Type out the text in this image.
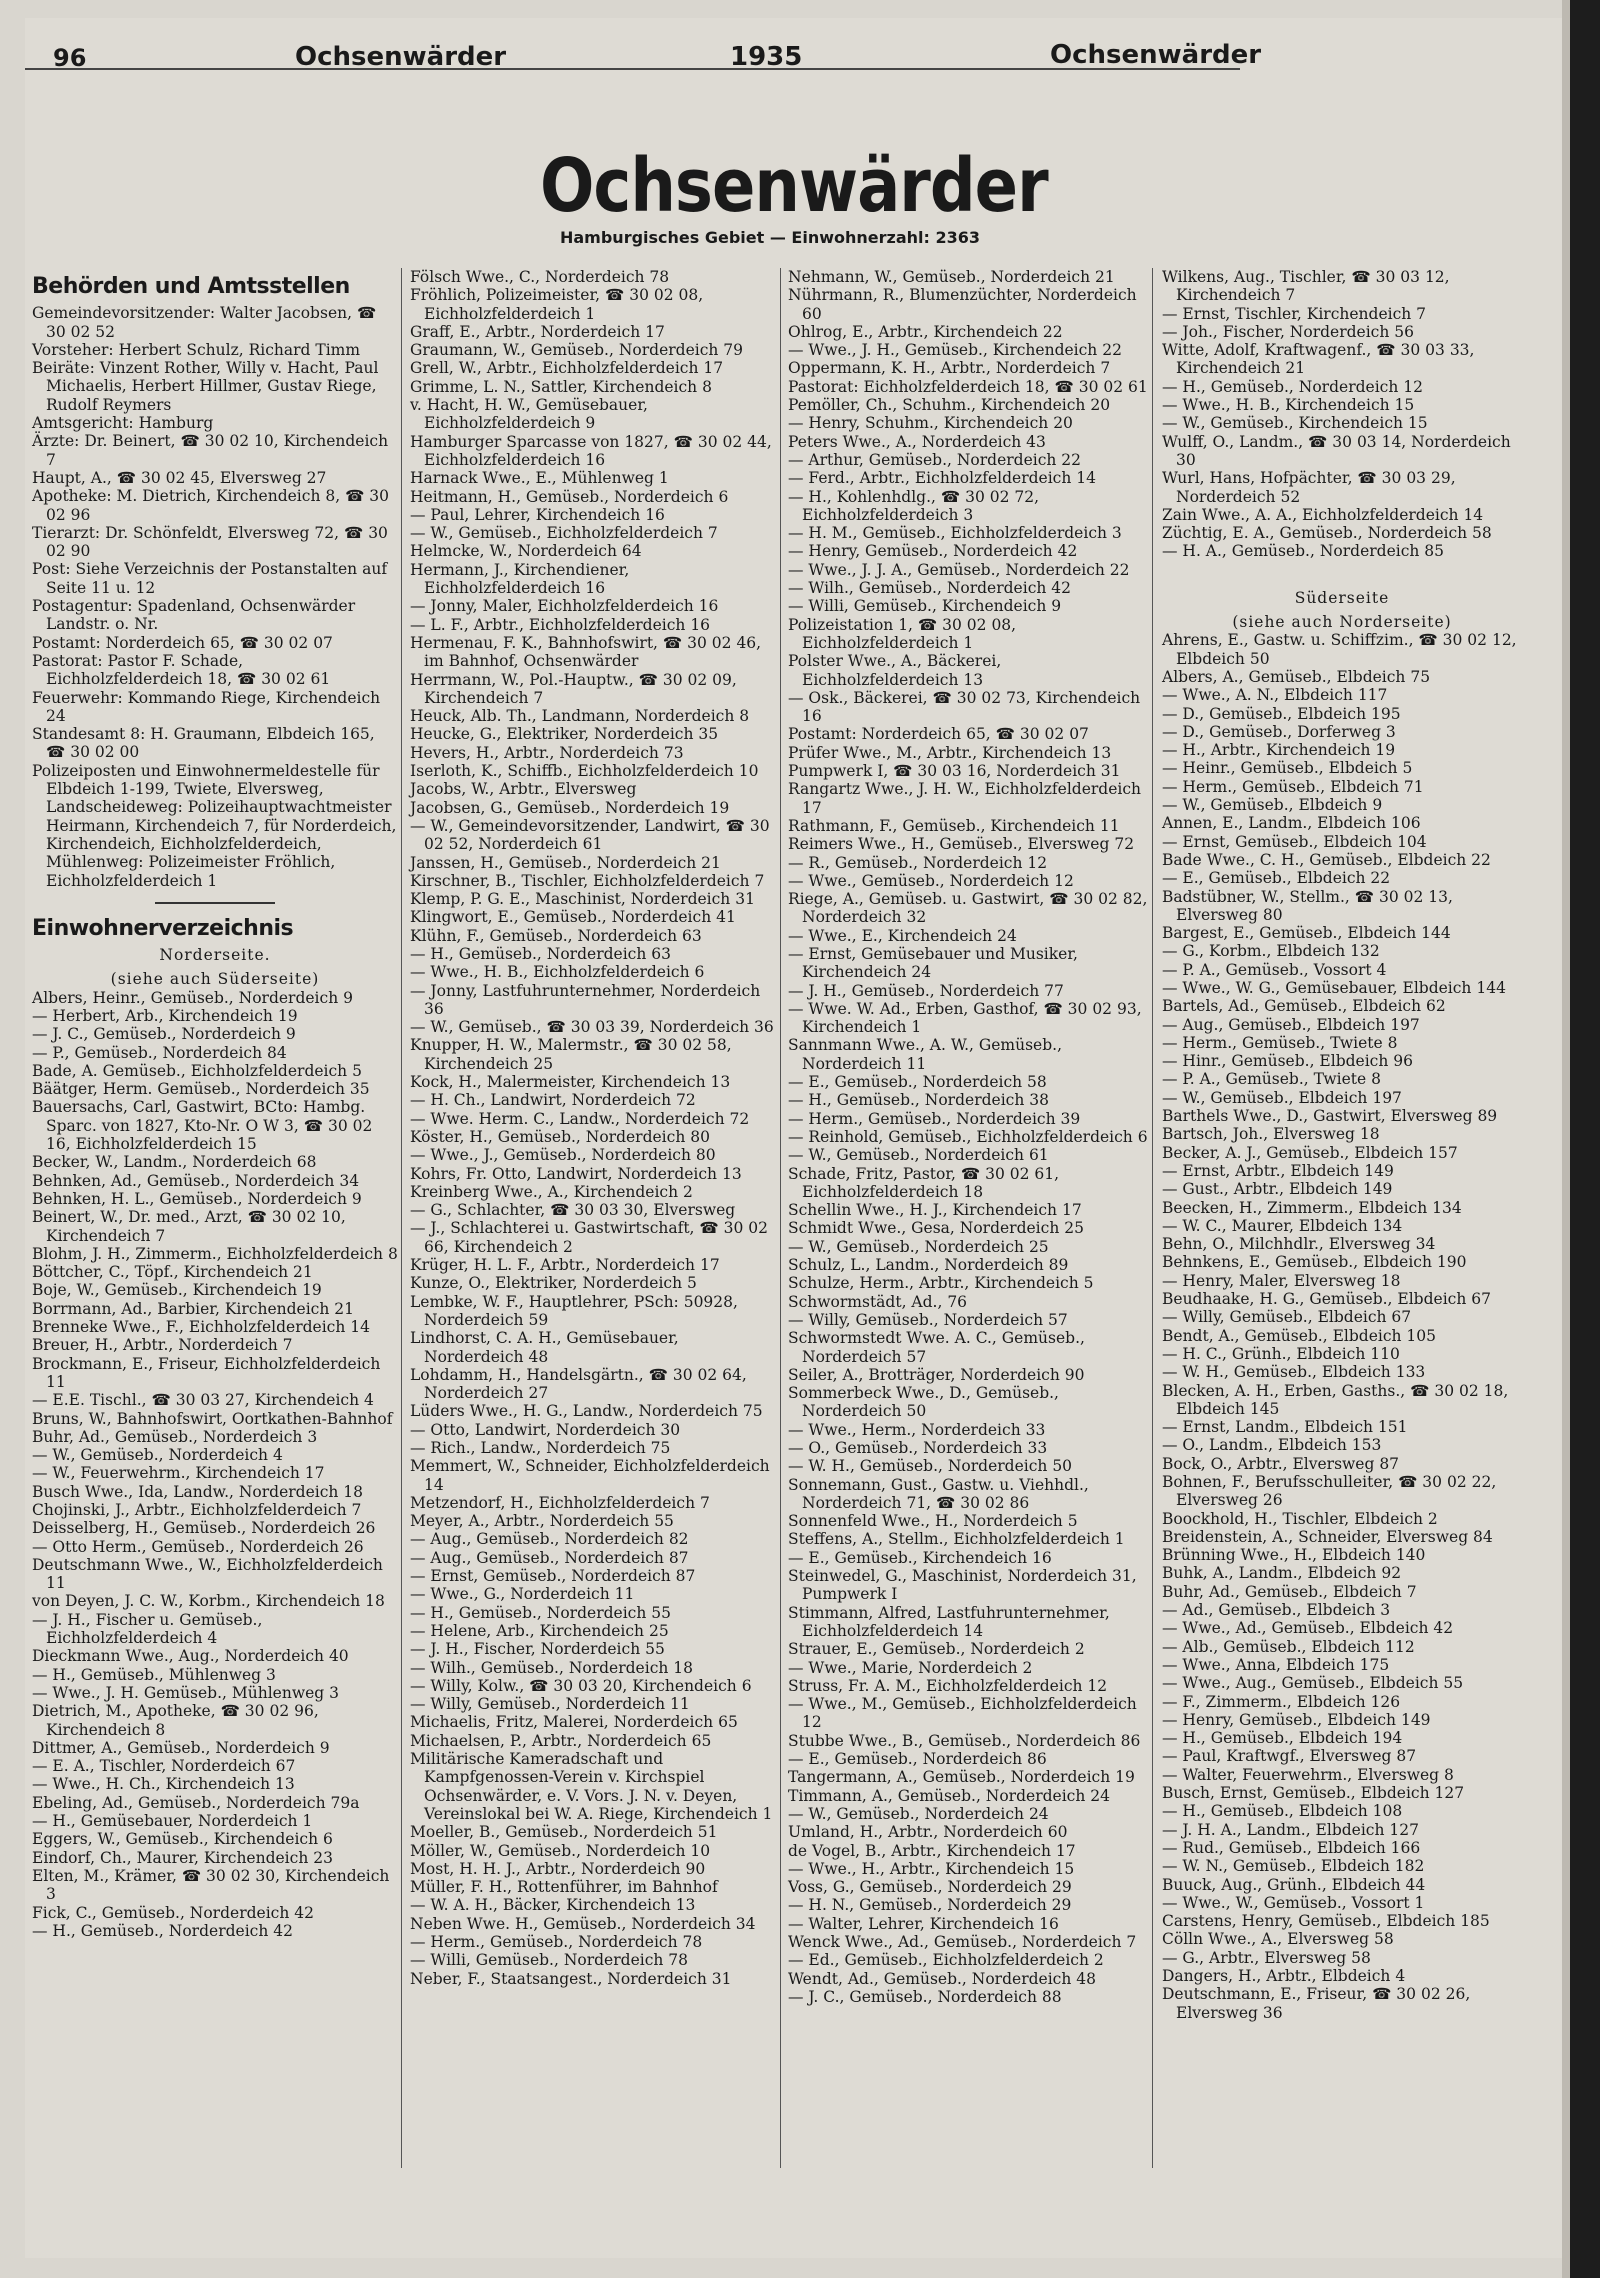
96	Ochsenwärder	1935	Ochsenwärder
Ochsenwärder
Hamburgisches Gebiet — Einwohnerzahl: 2363

Behörden und Amtsstellen

Gemeindevorsitzender: Walter Jacobsen, ☎ 30 02 52

Vorsteher: Herbert Schulz, Richard Timm

Beiräte: Vinzent Rother, Willy v. Hacht, Paul Michaelis, Herbert Hillmer, Gustav Riege, Rudolf Reymers

Amtsgericht: Hamburg

Ärzte: Dr. Beinert, ☎ 30 02 10, Kirchendeich 7

Haupt, A., ☎ 30 02 45, Elversweg 27

Apotheke: M. Dietrich, Kirchendeich 8, ☎ 30 02 96

Tierarzt: Dr. Schönfeldt, Elversweg 72, ☎ 30 02 90

Post: Siehe Verzeichnis der Postanstalten auf Seite 11 u. 12

Postagentur: Spadenland, Ochsenwärder Landstr. o. Nr.

Postamt: Norderdeich 65, ☎ 30 02 07

Pastorat: Pastor F. Schade, Eichholzfelderdeich 18, ☎ 30 02 61

Feuerwehr: Kommando Riege, Kirchendeich 24

Standesamt 8: H. Graumann, Elbdeich 165, ☎ 30 02 00

Polizeiposten und Einwohnermeldestelle für Elbdeich 1-199, Twiete, Elversweg, Landscheideweg: Polizeihauptwachtmeister Heirmann, Kirchendeich 7, für Norderdeich, Kirchendeich, Eichholzfelderdeich, Mühlenweg: Polizeimeister Fröhlich, Eichholzfelderdeich 1

Einwohnerverzeichnis

Norderseite.

(siehe auch Süderseite)

Albers, Heinr., Gemüseb., Norderdeich 9

— Herbert, Arb., Kirchendeich 19

— J. C., Gemüseb., Norderdeich 9

— P., Gemüseb., Norderdeich 84

Bade, A. Gemüseb., Eichholzfelderdeich 5

Bäätger, Herm. Gemüseb., Norderdeich 35

Bauersachs, Carl, Gastwirt, BCto: Hambg. Sparc. von 1827, Kto-Nr. O W 3, ☎ 30 02 16, Eichholzfelderdeich 15

Becker, W., Landm., Norderdeich 68

Behnken, Ad., Gemüseb., Norderdeich 34

Behnken, H. L., Gemüseb., Norderdeich 9

Beinert, W., Dr. med., Arzt, ☎ 30 02 10, Kirchendeich 7

Blohm, J. H., Zimmerm., Eichholzfelderdeich 8

Böttcher, C., Töpf., Kirchendeich 21

Boje, W., Gemüseb., Kirchendeich 19

Borrmann, Ad., Barbier, Kirchendeich 21

Brenneke Wwe., F., Eichholzfelderdeich 14

Breuer, H., Arbtr., Norderdeich 7

Brockmann, E., Friseur, Eichholzfelderdeich 11

— E.E. Tischl., ☎ 30 03 27, Kirchendeich 4

Bruns, W., Bahnhofswirt, Oortkathen-Bahnhof

Buhr, Ad., Gemüseb., Norderdeich 3

— W., Gemüseb., Norderdeich 4

— W., Feuerwehrm., Kirchendeich 17

Busch Wwe., Ida, Landw., Norderdeich 18

Chojinski, J., Arbtr., Eichholzfelderdeich 7

Deisselberg, H., Gemüseb., Norderdeich 26

— Otto Herm., Gemüseb., Norderdeich 26

Deutschmann Wwe., W., Eichholzfelderdeich 11

von Deyen, J. C. W., Korbm., Kirchendeich 18

— J. H., Fischer u. Gemüseb., Eichholzfelderdeich 4

Dieckmann Wwe., Aug., Norderdeich 40

— H., Gemüseb., Mühlenweg 3

— Wwe., J. H. Gemüseb., Mühlenweg 3

Dietrich, M., Apotheke, ☎ 30 02 96, Kirchendeich 8

Dittmer, A., Gemüseb., Norderdeich 9

— E. A., Tischler, Norderdeich 67

— Wwe., H. Ch., Kirchendeich 13

Ebeling, Ad., Gemüseb., Norderdeich 79a

— H., Gemüsebauer, Norderdeich 1

Eggers, W., Gemüseb., Kirchendeich 6

Eindorf, Ch., Maurer, Kirchendeich 23

Elten, M., Krämer, ☎ 30 02 30, Kirchendeich 3

Fick, C., Gemüseb., Norderdeich 42

— H., Gemüseb., Norderdeich 42

Fölsch Wwe., C., Norderdeich 78

Fröhlich, Polizeimeister, ☎ 30 02 08, Eichholzfelderdeich 1

Graff, E., Arbtr., Norderdeich 17

Graumann, W., Gemüseb., Norderdeich 79

Grell, W., Arbtr., Eichholzfelderdeich 17

Grimme, L. N., Sattler, Kirchendeich 8

v. Hacht, H. W., Gemüsebauer, Eichholzfelderdeich 9

Hamburger Sparcasse von 1827, ☎ 30 02 44, Eichholzfelderdeich 16

Harnack Wwe., E., Mühlenweg 1

Heitmann, H., Gemüseb., Norderdeich 6

— Paul, Lehrer, Kirchendeich 16

— W., Gemüseb., Eichholzfelderdeich 7

Helmcke, W., Norderdeich 64

Hermann, J., Kirchendiener, Eichholzfelderdeich 16

— Jonny, Maler, Eichholzfelderdeich 16

— L. F., Arbtr., Eichholzfelderdeich 16

Hermenau, F. K., Bahnhofswirt, ☎ 30 02 46, im Bahnhof, Ochsenwärder

Herrmann, W., Pol.-Hauptw., ☎ 30 02 09, Kirchendeich 7

Heuck, Alb. Th., Landmann, Norderdeich 8

Heucke, G., Elektriker, Norderdeich 35

Hevers, H., Arbtr., Norderdeich 73

Iserloth, K., Schiffb., Eichholzfelderdeich 10

Jacobs, W., Arbtr., Elversweg

Jacobsen, G., Gemüseb., Norderdeich 19

— W., Gemeindevorsitzender, Landwirt, ☎ 30 02 52, Norderdeich 61

Janssen, H., Gemüseb., Norderdeich 21

Kirschner, B., Tischler, Eichholzfelderdeich 7

Klemp, P. G. E., Maschinist, Norderdeich 31

Klingwort, E., Gemüseb., Norderdeich 41

Klühn, F., Gemüseb., Norderdeich 63

— H., Gemüseb., Norderdeich 63

— Wwe., H. B., Eichholzfelderdeich 6

— Jonny, Lastfuhrunternehmer, Norderdeich 36

— W., Gemüseb., ☎ 30 03 39, Norderdeich 36

Knupper, H. W., Malermstr., ☎ 30 02 58, Kirchendeich 25

Kock, H., Malermeister, Kirchendeich 13

— H. Ch., Landwirt, Norderdeich 72

— Wwe. Herm. C., Landw., Norderdeich 72

Köster, H., Gemüseb., Norderdeich 80

— Wwe., J., Gemüseb., Norderdeich 80

Kohrs, Fr. Otto, Landwirt, Norderdeich 13

Kreinberg Wwe., A., Kirchendeich 2

— G., Schlachter, ☎ 30 03 30, Elversweg

— J., Schlachterei u. Gastwirtschaft, ☎ 30 02 66, Kirchendeich 2

Krüger, H. L. F., Arbtr., Norderdeich 17

Kunze, O., Elektriker, Norderdeich 5

Lembke, W. F., Hauptlehrer, PSch: 50928, Norderdeich 59

Lindhorst, C. A. H., Gemüsebauer, Norderdeich 48

Lohdamm, H., Handelsgärtn., ☎ 30 02 64, Norderdeich 27

Lüders Wwe., H. G., Landw., Norderdeich 75

— Otto, Landwirt, Norderdeich 30

— Rich., Landw., Norderdeich 75

Memmert, W., Schneider, Eichholzfelderdeich 14

Metzendorf, H., Eichholzfelderdeich 7

Meyer, A., Arbtr., Norderdeich 55

— Aug., Gemüseb., Norderdeich 82

— Aug., Gemüseb., Norderdeich 87

— Ernst, Gemüseb., Norderdeich 87

— Wwe., G., Norderdeich 11

— H., Gemüseb., Norderdeich 55

— Helene, Arb., Kirchendeich 25

— J. H., Fischer, Norderdeich 55

— Wilh., Gemüseb., Norderdeich 18

— Willy, Kolw., ☎ 30 03 20, Kirchendeich 6

— Willy, Gemüseb., Norderdeich 11

Michaelis, Fritz, Malerei, Norderdeich 65

Michaelsen, P., Arbtr., Norderdeich 65

Militärische Kameradschaft und Kampfgenossen-Verein v. Kirchspiel Ochsenwärder, e. V. Vors. J. N. v. Deyen, Vereinslokal bei W. A. Riege, Kirchendeich 1

Moeller, B., Gemüseb., Norderdeich 51

Möller, W., Gemüseb., Norderdeich 10

Most, H. H. J., Arbtr., Norderdeich 90

Müller, F. H., Rottenführer, im Bahnhof

— W. A. H., Bäcker, Kirchendeich 13

Neben Wwe. H., Gemüseb., Norderdeich 34

— Herm., Gemüseb., Norderdeich 78

— Willi, Gemüseb., Norderdeich 78

Neber, F., Staatsangest., Norderdeich 31

Nehmann, W., Gemüseb., Norderdeich 21

Nührmann, R., Blumenzüchter, Norderdeich 60

Ohlrog, E., Arbtr., Kirchendeich 22

— Wwe., J. H., Gemüseb., Kirchendeich 22

Oppermann, K. H., Arbtr., Norderdeich 7

Pastorat: Eichholzfelderdeich 18, ☎ 30 02 61

Pemöller, Ch., Schuhm., Kirchendeich 20

— Henry, Schuhm., Kirchendeich 20

Peters Wwe., A., Norderdeich 43

— Arthur, Gemüseb., Norderdeich 22

— Ferd., Arbtr., Eichholzfelderdeich 14

— H., Kohlenhdlg., ☎ 30 02 72, Eichholzfelderdeich 3

— H. M., Gemüseb., Eichholzfelderdeich 3

— Henry, Gemüseb., Norderdeich 42

— Wwe., J. J. A., Gemüseb., Norderdeich 22

— Wilh., Gemüseb., Norderdeich 42

— Willi, Gemüseb., Kirchendeich 9

Polizeistation 1, ☎ 30 02 08, Eichholzfelderdeich 1

Polster Wwe., A., Bäckerei, Eichholzfelderdeich 13

— Osk., Bäckerei, ☎ 30 02 73, Kirchendeich 16

Postamt: Norderdeich 65, ☎ 30 02 07

Prüfer Wwe., M., Arbtr., Kirchendeich 13

Pumpwerk I, ☎ 30 03 16, Norderdeich 31

Rangartz Wwe., J. H. W., Eichholzfelderdeich 17

Rathmann, F., Gemüseb., Kirchendeich 11

Reimers Wwe., H., Gemüseb., Elversweg 72

— R., Gemüseb., Norderdeich 12

— Wwe., Gemüseb., Norderdeich 12

Riege, A., Gemüseb. u. Gastwirt, ☎ 30 02 82, Norderdeich 32

— Wwe., E., Kirchendeich 24

— Ernst, Gemüsebauer und Musiker, Kirchendeich 24

— J. H., Gemüseb., Norderdeich 77

— Wwe. W. Ad., Erben, Gasthof, ☎ 30 02 93, Kirchendeich 1

Sannmann Wwe., A. W., Gemüseb., Norderdeich 11

— E., Gemüseb., Norderdeich 58

— H., Gemüseb., Norderdeich 38

— Herm., Gemüseb., Norderdeich 39

— Reinhold, Gemüseb., Eichholzfelderdeich 6

— W., Gemüseb., Norderdeich 61

Schade, Fritz, Pastor, ☎ 30 02 61, Eichholzfelderdeich 18

Schellin Wwe., H. J., Kirchendeich 17

Schmidt Wwe., Gesa, Norderdeich 25

— W., Gemüseb., Norderdeich 25

Schulz, L., Landm., Norderdeich 89

Schulze, Herm., Arbtr., Kirchendeich 5

Schwormstädt, Ad., 76

— Willy, Gemüseb., Norderdeich 57

Schwormstedt Wwe. A. C., Gemüseb., Norderdeich 57

Seiler, A., Brotträger, Norderdeich 90

Sommerbeck Wwe., D., Gemüseb., Norderdeich 50

— Wwe., Herm., Norderdeich 33

— O., Gemüseb., Norderdeich 33

— W. H., Gemüseb., Norderdeich 50

Sonnemann, Gust., Gastw. u. Viehhdl., Norderdeich 71, ☎ 30 02 86

Sonnenfeld Wwe., H., Norderdeich 5

Steffens, A., Stellm., Eichholzfelderdeich 1

— E., Gemüseb., Kirchendeich 16

Steinwedel, G., Maschinist, Norderdeich 31, Pumpwerk I

Stimmann, Alfred, Lastfuhrunternehmer, Eichholzfelderdeich 14

Strauer, E., Gemüseb., Norderdeich 2

— Wwe., Marie, Norderdeich 2

Struss, Fr. A. M., Eichholzfelderdeich 12

— Wwe., M., Gemüseb., Eichholzfelderdeich 12

Stubbe Wwe., B., Gemüseb., Norderdeich 86

— E., Gemüseb., Norderdeich 86

Tangermann, A., Gemüseb., Norderdeich 19

Timmann, A., Gemüseb., Norderdeich 24

— W., Gemüseb., Norderdeich 24

Umland, H., Arbtr., Norderdeich 60

de Vogel, B., Arbtr., Kirchendeich 17

— Wwe., H., Arbtr., Kirchendeich 15

Voss, G., Gemüseb., Norderdeich 29

— H. N., Gemüseb., Norderdeich 29

— Walter, Lehrer, Kirchendeich 16

Wenck Wwe., Ad., Gemüseb., Norderdeich 7

— Ed., Gemüseb., Eichholzfelderdeich 2

Wendt, Ad., Gemüseb., Norderdeich 48

— J. C., Gemüseb., Norderdeich 88

Wilkens, Aug., Tischler, ☎ 30 03 12, Kirchendeich 7

— Ernst, Tischler, Kirchendeich 7

— Joh., Fischer, Norderdeich 56

Witte, Adolf, Kraftwagenf., ☎ 30 03 33, Kirchendeich 21

— H., Gemüseb., Norderdeich 12

— Wwe., H. B., Kirchendeich 15

— W., Gemüseb., Kirchendeich 15

Wulff, O., Landm., ☎ 30 03 14, Norderdeich 30

Wurl, Hans, Hofpächter, ☎ 30 03 29, Norderdeich 52

Zain Wwe., A. A., Eichholzfelderdeich 14

Züchtig, E. A., Gemüseb., Norderdeich 58

— H. A., Gemüseb., Norderdeich 85

Süderseite

(siehe auch Norderseite)

Ahrens, E., Gastw. u. Schiffzim., ☎ 30 02 12, Elbdeich 50

Albers, A., Gemüseb., Elbdeich 75

— Wwe., A. N., Elbdeich 117

— D., Gemüseb., Elbdeich 195

— D., Gemüseb., Dorferweg 3

— H., Arbtr., Kirchendeich 19

— Heinr., Gemüseb., Elbdeich 5

— Herm., Gemüseb., Elbdeich 71

— W., Gemüseb., Elbdeich 9

Annen, E., Landm., Elbdeich 106

— Ernst, Gemüseb., Elbdeich 104

Bade Wwe., C. H., Gemüseb., Elbdeich 22

— E., Gemüseb., Elbdeich 22

Badstübner, W., Stellm., ☎ 30 02 13, Elversweg 80

Bargest, E., Gemüseb., Elbdeich 144

— G., Korbm., Elbdeich 132

— P. A., Gemüseb., Vossort 4

— Wwe., W. G., Gemüsebauer, Elbdeich 144

Bartels, Ad., Gemüseb., Elbdeich 62

— Aug., Gemüseb., Elbdeich 197

— Herm., Gemüseb., Twiete 8

— Hinr., Gemüseb., Elbdeich 96

— P. A., Gemüseb., Twiete 8

— W., Gemüseb., Elbdeich 197

Barthels Wwe., D., Gastwirt, Elversweg 89

Bartsch, Joh., Elversweg 18

Becker, A. J., Gemüseb., Elbdeich 157

— Ernst, Arbtr., Elbdeich 149

— Gust., Arbtr., Elbdeich 149

Beecken, H., Zimmerm., Elbdeich 134

— W. C., Maurer, Elbdeich 134

Behn, O., Milchhdlr., Elversweg 34

Behnkens, E., Gemüseb., Elbdeich 190

— Henry, Maler, Elversweg 18

Beudhaake, H. G., Gemüseb., Elbdeich 67

— Willy, Gemüseb., Elbdeich 67

Bendt, A., Gemüseb., Elbdeich 105

— H. C., Grünh., Elbdeich 110

— W. H., Gemüseb., Elbdeich 133

Blecken, A. H., Erben, Gasths., ☎ 30 02 18, Elbdeich 145

— Ernst, Landm., Elbdeich 151

— O., Landm., Elbdeich 153

Bock, O., Arbtr., Elversweg 87

Bohnen, F., Berufsschulleiter, ☎ 30 02 22, Elversweg 26

Boockhold, H., Tischler, Elbdeich 2

Breidenstein, A., Schneider, Elversweg 84

Brünning Wwe., H., Elbdeich 140

Buhk, A., Landm., Elbdeich 92

Buhr, Ad., Gemüseb., Elbdeich 7

— Ad., Gemüseb., Elbdeich 3

— Wwe., Ad., Gemüseb., Elbdeich 42

— Alb., Gemüseb., Elbdeich 112

— Wwe., Anna, Elbdeich 175

— Wwe., Aug., Gemüseb., Elbdeich 55

— F., Zimmerm., Elbdeich 126

— Henry, Gemüseb., Elbdeich 149

— H., Gemüseb., Elbdeich 194

— Paul, Kraftwgf., Elversweg 87

— Walter, Feuerwehrm., Elversweg 8

Busch, Ernst, Gemüseb., Elbdeich 127

— H., Gemüseb., Elbdeich 108

— J. H. A., Landm., Elbdeich 127

— Rud., Gemüseb., Elbdeich 166

— W. N., Gemüseb., Elbdeich 182

Buuck, Aug., Grünh., Elbdeich 44

— Wwe., W., Gemüseb., Vossort 1

Carstens, Henry, Gemüseb., Elbdeich 185

Cölln Wwe., A., Elversweg 58

— G., Arbtr., Elversweg 58

Dangers, H., Arbtr., Elbdeich 4

Deutschmann, E., Friseur, ☎ 30 02 26, Elversweg 36
